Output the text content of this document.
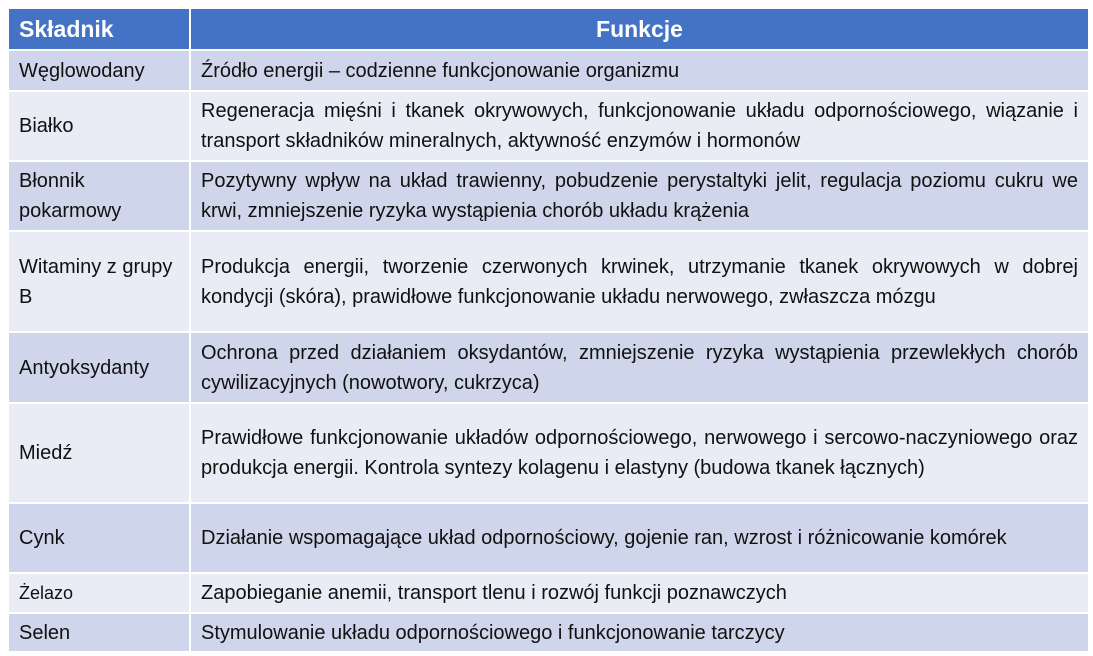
Składnik	Funkcje
Węglowodany	Źródło energii – codzienne funkcjonowanie organizmu
Białko	Regeneracja mięśni i tkanek okrywowych, funkcjonowanie układu odpornościowego, wiązanie i transport składników mineralnych, aktywność enzymów i hormonów
Błonnik pokarmowy	Pozytywny wpływ na układ trawienny, pobudzenie perystaltyki jelit, regulacja poziomu cukru we krwi, zmniejszenie ryzyka wystąpienia chorób układu krążenia
Witaminy z grupy B	Produkcja energii, tworzenie czerwonych krwinek, utrzymanie tkanek okrywowych w dobrej kondycji (skóra), prawidłowe funkcjonowanie układu nerwowego, zwłaszcza mózgu
Antyoksydanty	Ochrona przed działaniem oksydantów, zmniejszenie ryzyka wystąpienia przewlekłych chorób cywilizacyjnych (nowotwory, cukrzyca)
Miedź	Prawidłowe funkcjonowanie układów odpornościowego, nerwowego i sercowo-naczyniowego oraz produkcja energii. Kontrola syntezy kolagenu i elastyny (budowa tkanek łącznych)
Cynk	Działanie wspomagające układ odpornościowy, gojenie ran, wzrost i różnicowanie komórek
Żelazo	Zapobieganie anemii, transport tlenu i rozwój funkcji poznawczych
Selen	Stymulowanie układu odpornościowego i funkcjonowanie tarczycy
